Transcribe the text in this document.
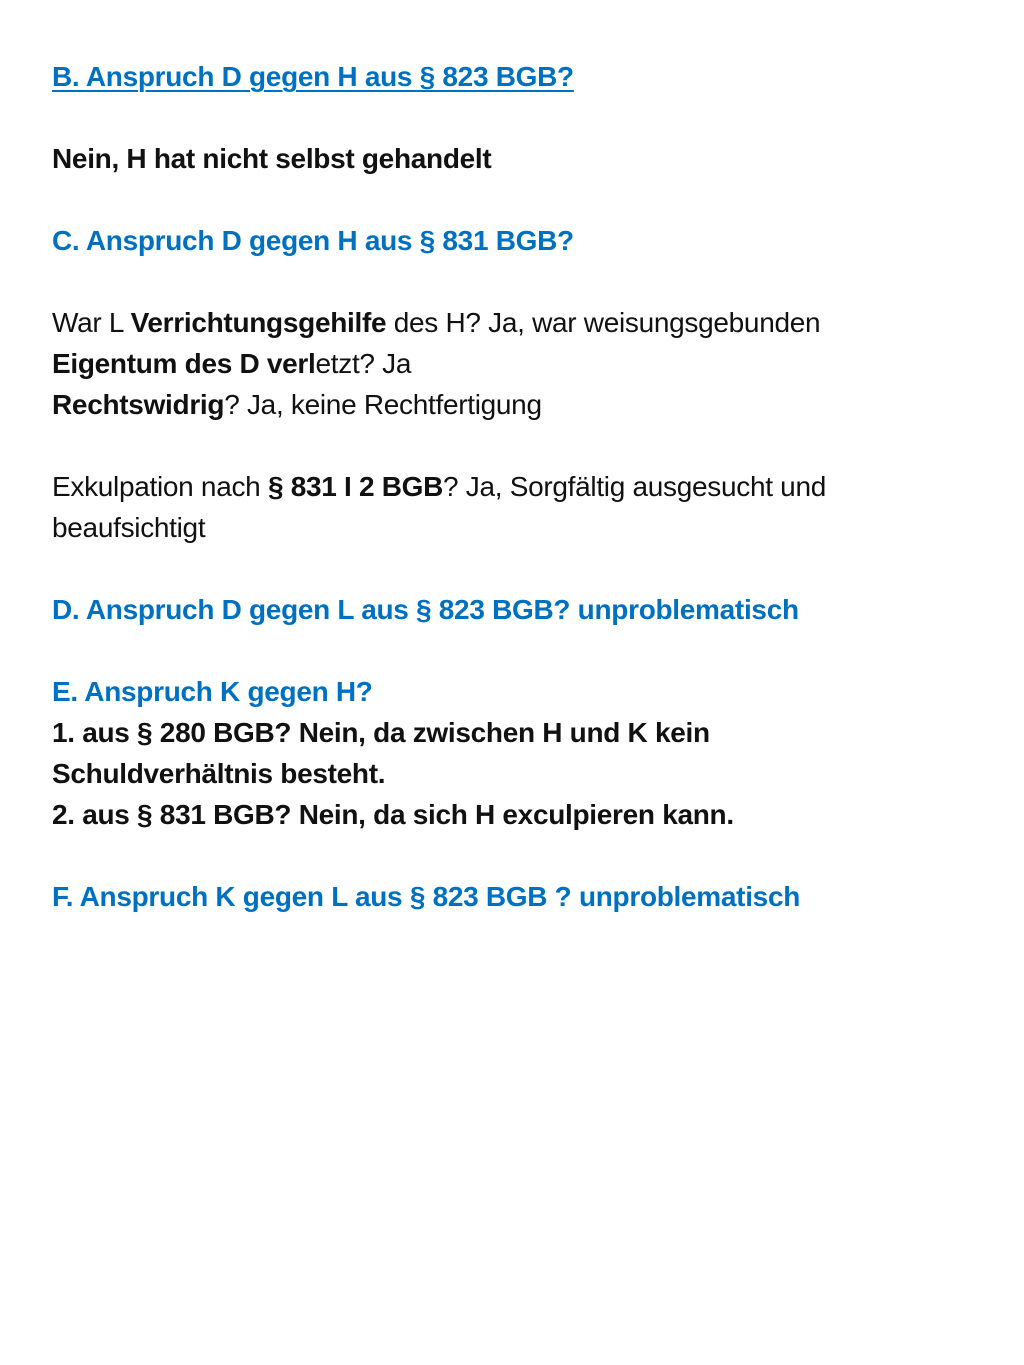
B. Anspruch D gegen H aus § 823 BGB?
Nein, H hat nicht selbst gehandelt
C. Anspruch D gegen H aus § 831 BGB?
War L Verrichtungsgehilfe des H? Ja, war weisungsgebunden
Eigentum des D verletzt? Ja
Rechtswidrig? Ja, keine Rechtfertigung
Exkulpation nach § 831 I 2 BGB? Ja, Sorgfältig ausgesucht und
beaufsichtigt
D. Anspruch D gegen L aus § 823 BGB? unproblematisch
E. Anspruch K gegen H?
1. aus § 280 BGB? Nein, da zwischen H und K kein
Schuldverhältnis besteht.
2. aus § 831 BGB? Nein, da sich H exculpieren kann.
F. Anspruch K gegen L aus § 823 BGB ? unproblematisch
